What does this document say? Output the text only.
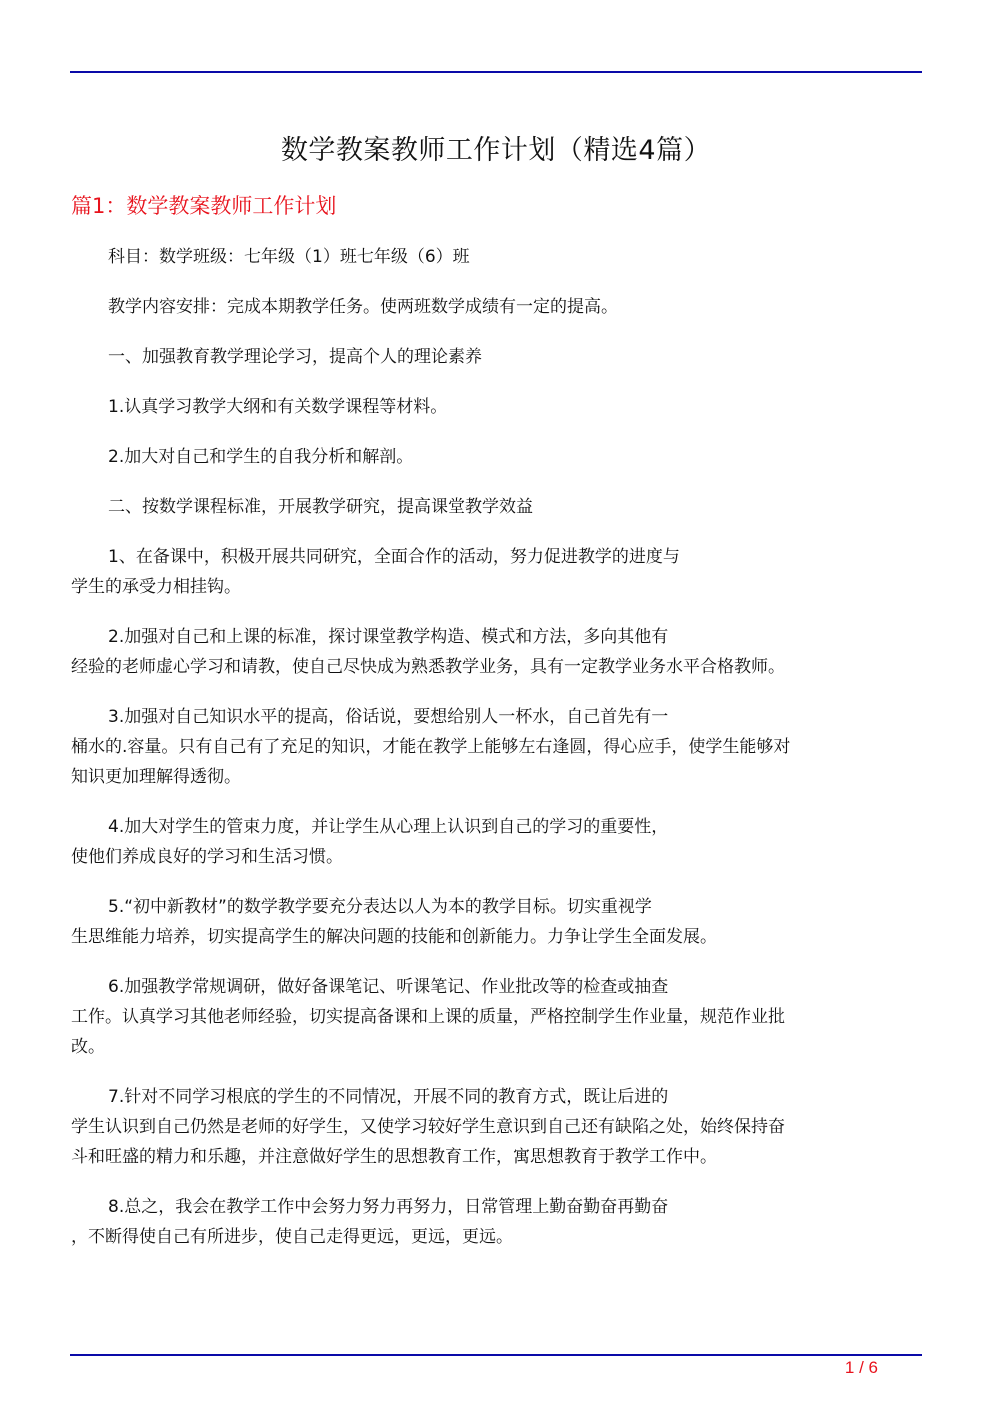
数学教案教师工作计划（精选4篇）
篇1：数学教案教师工作计划

科目：数学班级：七年级（1）班七年级（6）班

教学内容安排：完成本期教学任务。使两班数学成绩有一定的提高。

一、加强教育教学理论学习，提高个人的理论素养

1.认真学习教学大纲和有关数学课程等材料。

2.加大对自己和学生的自我分析和解剖。

二、按数学课程标准，开展教学研究，提高课堂教学效益

1、在备课中，积极开展共同研究，全面合作的活动，努力促进教学的进度与
学生的承受力相挂钩。

2.加强对自己和上课的标准，探讨课堂教学构造、模式和方法，多向其他有
经验的老师虚心学习和请教，使自己尽快成为熟悉教学业务，具有一定教学业务水平合格教师。

3.加强对自己知识水平的提高，俗话说，要想给别人一杯水，自己首先有一
桶水的.容量。只有自己有了充足的知识，才能在教学上能够左右逢圆，得心应手，使学生能够对
知识更加理解得透彻。

4.加大对学生的管束力度，并让学生从心理上认识到自己的学习的重要性，
使他们养成良好的学习和生活习惯。

5.“初中新教材”的数学教学要充分表达以人为本的教学目标。切实重视学
生思维能力培养，切实提高学生的解决问题的技能和创新能力。力争让学生全面发展。

6.加强教学常规调研，做好备课笔记、听课笔记、作业批改等的检查或抽查
工作。认真学习其他老师经验，切实提高备课和上课的质量，严格控制学生作业量，规范作业批
改。

7.针对不同学习根底的学生的不同情况，开展不同的教育方式，既让后进的
学生认识到自己仍然是老师的好学生，又使学习较好学生意识到自己还有缺陷之处，始终保持奋
斗和旺盛的精力和乐趣，并注意做好学生的思想教育工作，寓思想教育于教学工作中。

8.总之，我会在教学工作中会努力努力再努力，日常管理上勤奋勤奋再勤奋
，不断得使自己有所进步，使自己走得更远，更远，更远。

1 / 6
